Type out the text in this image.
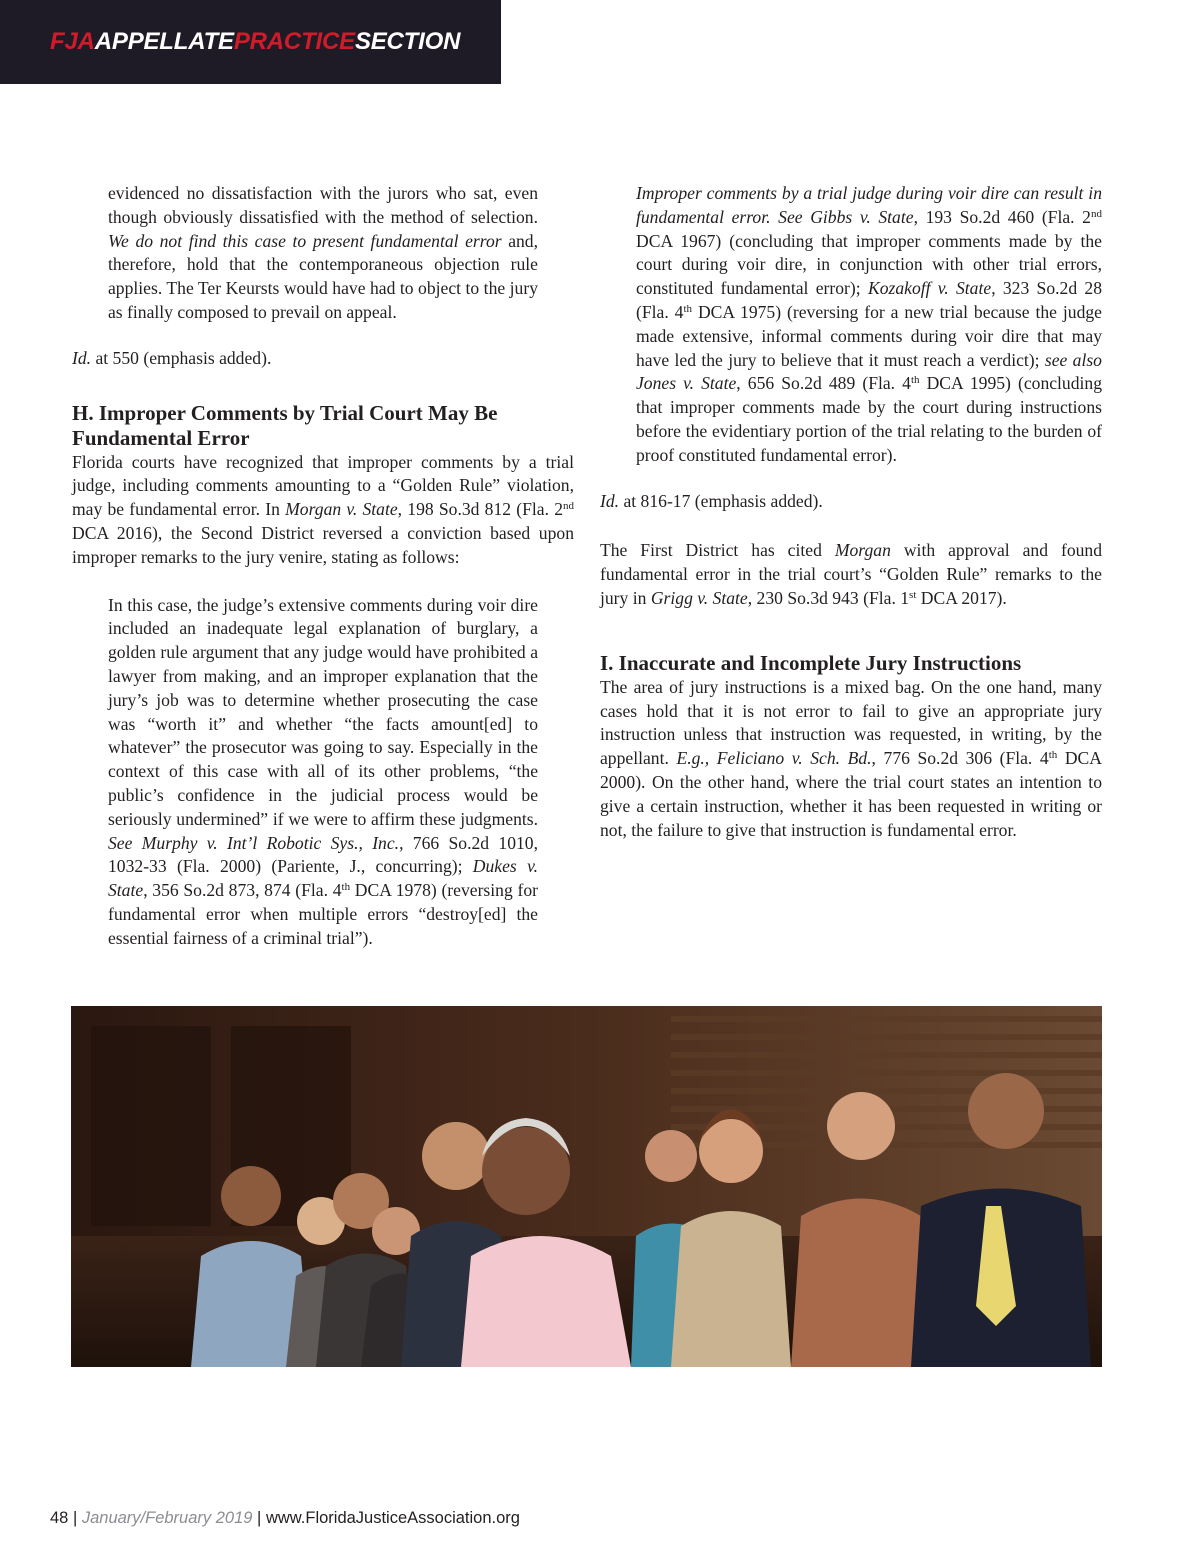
FJAAPPELLATEPRACTICESECTION

evidenced no dissatisfaction with the jurors who sat, even though obviously dissatisfied with the method of selection. We do not find this case to present fundamental error and, therefore, hold that the contemporaneous objection rule applies. The Ter Keursts would have had to object to the jury as finally composed to prevail on appeal.

Id. at 550 (emphasis added).

H. Improper Comments by Trial Court May Be Fundamental Error

Florida courts have recognized that improper comments by a trial judge, including comments amounting to a “Golden Rule” violation, may be fundamental error. In Morgan v. State, 198 So.3d 812 (Fla. 2nd DCA 2016), the Second District reversed a conviction based upon improper remarks to the jury venire, stating as follows:

In this case, the judge’s extensive comments during voir dire included an inadequate legal explanation of burglary, a golden rule argument that any judge would have prohibited a lawyer from making, and an improper explanation that the jury’s job was to determine whether prosecuting the case was “worth it” and whether “the facts amount[ed] to whatever” the prosecutor was going to say. Especially in the context of this case with all of its other problems, “the public’s confidence in the judicial process would be seriously undermined” if we were to affirm these judgments. See Murphy v. Int’l Robotic Sys., Inc., 766 So.2d 1010, 1032-33 (Fla. 2000) (Pariente, J., concurring); Dukes v. State, 356 So.2d 873, 874 (Fla. 4th DCA 1978) (reversing for fundamental error when multiple errors “destroy[ed] the essential fairness of a criminal trial”).

Improper comments by a trial judge during voir dire can result in fundamental error. See Gibbs v. State, 193 So.2d 460 (Fla. 2nd DCA 1967) (concluding that improper comments made by the court during voir dire, in conjunction with other trial errors, constituted fundamental error); Kozakoff v. State, 323 So.2d 28 (Fla. 4th DCA 1975) (reversing for a new trial because the judge made extensive, informal comments during voir dire that may have led the jury to believe that it must reach a verdict); see also Jones v. State, 656 So.2d 489 (Fla. 4th DCA 1995) (concluding that improper comments made by the court during instructions before the evidentiary portion of the trial relating to the burden of proof constituted fundamental error).

Id. at 816-17 (emphasis added).

The First District has cited Morgan with approval and found fundamental error in the trial court’s “Golden Rule” remarks to the jury in Grigg v. State, 230 So.3d 943 (Fla. 1st DCA 2017).

I. Inaccurate and Incomplete Jury Instructions

The area of jury instructions is a mixed bag. On the one hand, many cases hold that it is not error to fail to give an appropriate jury instruction unless that instruction was requested, in writing, by the appellant. E.g., Feliciano v. Sch. Bd., 776 So.2d 306 (Fla. 4th DCA 2000). On the other hand, where the trial court states an intention to give a certain instruction, whether it has been requested in writing or not, the failure to give that instruction is fundamental error.

48 | January/February 2019 | www.FloridaJusticeAssociation.org
